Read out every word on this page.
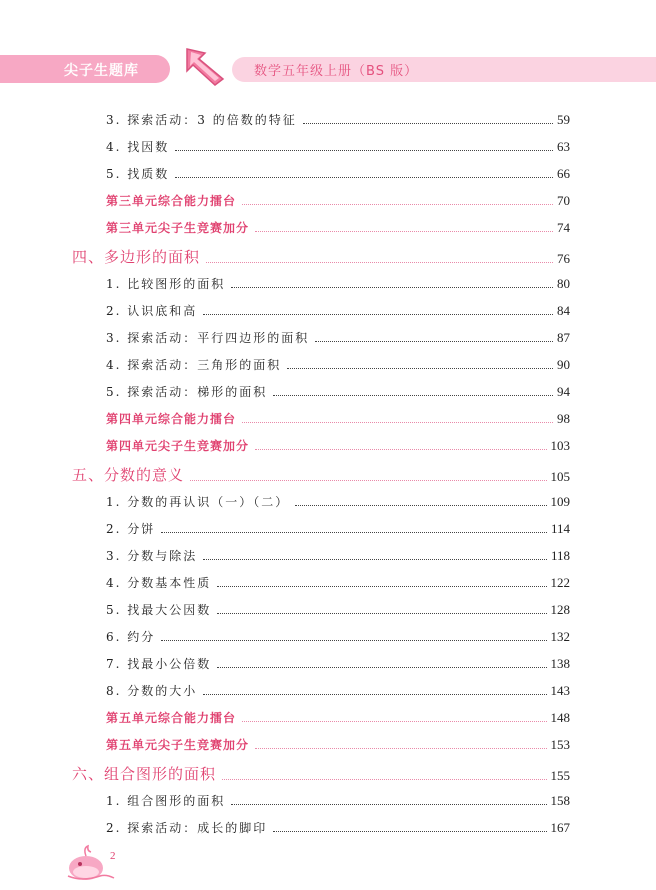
尖子生题库	数学五年级上册（BS 版）
3. 探索活动：3 的倍数的特征	59
4. 找因数	63
5. 找质数	66
第三单元综合能力擂台	70
第三单元尖子生竞赛加分	74
四、多边形的面积	76
1. 比较图形的面积	80
2. 认识底和高	84
3. 探索活动：平行四边形的面积	87
4. 探索活动：三角形的面积	90
5. 探索活动：梯形的面积	94
第四单元综合能力擂台	98
第四单元尖子生竞赛加分	103
五、分数的意义	105
1. 分数的再认识（一）（二）	109
2. 分饼	114
3. 分数与除法	118
4. 分数基本性质	122
5. 找最大公因数	128
6. 约分	132
7. 找最小公倍数	138
8. 分数的大小	143
第五单元综合能力擂台	148
第五单元尖子生竞赛加分	153
六、组合图形的面积	155
1. 组合图形的面积	158
2. 探索活动：成长的脚印	167
2
